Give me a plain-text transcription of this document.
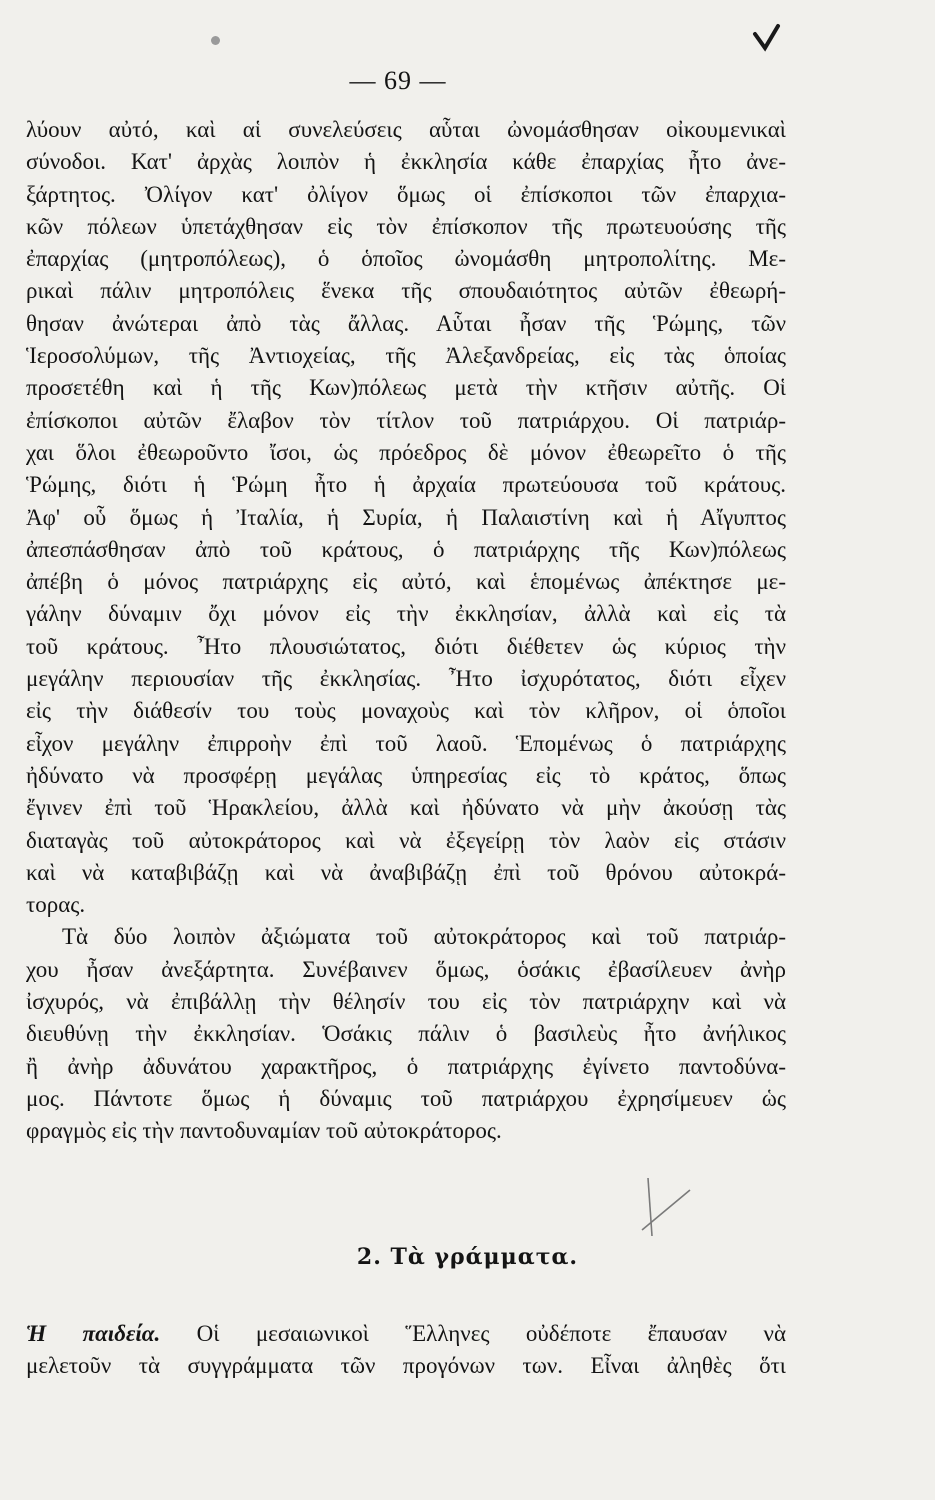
— 69 —
λύουν αὐτό, καὶ αἱ συνελεύσεις αὗται ὠνομάσθησαν οἰκουμενικαὶ
σύνοδοι. Κατ' ἀρχὰς λοιπὸν ἡ ἐκκλησία κάθε ἐπαρχίας ἦτο ἀνε-
ξάρτητος. Ὀλίγον κατ' ὀλίγον ὅμως οἱ ἐπίσκοποι τῶν ἐπαρχια-
κῶν πόλεων ὑπετάχθησαν εἰς τὸν ἐπίσκοπον τῆς πρωτευούσης τῆς
ἐπαρχίας (μητροπόλεως), ὁ ὁποῖος ὠνομάσθη μητροπολίτης. Με-
ρικαὶ πάλιν μητροπόλεις ἕνεκα τῆς σπουδαιότητος αὐτῶν ἐθεωρή-
θησαν ἀνώτεραι ἀπὸ τὰς ἄλλας. Αὗται ἦσαν τῆς Ῥώμης, τῶν
Ἱεροσολύμων, τῆς Ἀντιοχείας, τῆς Ἀλεξανδρείας, εἰς τὰς ὁποίας
προσετέθη καὶ ἡ τῆς Κων)πόλεως μετὰ τὴν κτῆσιν αὐτῆς. Οἱ
ἐπίσκοποι αὐτῶν ἔλαβον τὸν τίτλον τοῦ πατριάρχου. Οἱ πατριάρ-
χαι ὅλοι ἐθεωροῦντο ἴσοι, ὡς πρόεδρος δὲ μόνον ἐθεωρεῖτο ὁ τῆς
Ῥώμης, διότι ἡ Ῥώμη ἦτο ἡ ἀρχαία πρωτεύουσα τοῦ κράτους.
Ἀφ' οὗ ὅμως ἡ Ἰταλία, ἡ Συρία, ἡ Παλαιστίνη καὶ ἡ Αἴγυπτος
ἀπεσπάσθησαν ἀπὸ τοῦ κράτους, ὁ πατριάρχης τῆς Κων)πόλεως
ἀπέβη ὁ μόνος πατριάρχης εἰς αὐτό, καὶ ἑπομένως ἀπέκτησε με-
γάλην δύναμιν ὄχι μόνον εἰς τὴν ἐκκλησίαν, ἀλλὰ καὶ εἰς τὰ
τοῦ κράτους. Ἦτο πλουσιώτατος, διότι διέθετεν ὡς κύριος τὴν
μεγάλην περιουσίαν τῆς ἐκκλησίας. Ἦτο ἰσχυρότατος, διότι εἶχεν
εἰς τὴν διάθεσίν του τοὺς μοναχοὺς καὶ τὸν κλῆρον, οἱ ὁποῖοι
εἶχον μεγάλην ἐπιρροὴν ἐπὶ τοῦ λαοῦ. Ἑπομένως ὁ πατριάρχης
ἠδύνατο νὰ προσφέρῃ μεγάλας ὑπηρεσίας εἰς τὸ κράτος, ὅπως
ἔγινεν ἐπὶ τοῦ Ἡρακλείου, ἀλλὰ καὶ ἠδύνατο νὰ μὴν ἀκούσῃ τὰς
διαταγὰς τοῦ αὐτοκράτορος καὶ νὰ ἐξεγείρῃ τὸν λαὸν εἰς στάσιν
καὶ νὰ καταβιβάζῃ καὶ νὰ ἀναβιβάζῃ ἐπὶ τοῦ θρόνου αὐτοκρά-
τορας.
Τὰ δύο λοιπὸν ἀξιώματα τοῦ αὐτοκράτορος καὶ τοῦ πατριάρ-
χου ἦσαν ἀνεξάρτητα. Συνέβαινεν ὅμως, ὁσάκις ἐβασίλευεν ἀνὴρ
ἰσχυρός, νὰ ἐπιβάλλῃ τὴν θέλησίν του εἰς τὸν πατριάρχην καὶ νὰ
διευθύνῃ τὴν ἐκκλησίαν. Ὁσάκις πάλιν ὁ βασιλεὺς ἦτο ἀνήλικος
ἢ ἀνὴρ ἀδυνάτου χαρακτῆρος, ὁ πατριάρχης ἐγίνετο παντοδύνα-
μος. Πάντοτε ὅμως ἡ δύναμις τοῦ πατριάρχου ἐχρησίμευεν ὡς
φραγμὸς εἰς τὴν παντοδυναμίαν τοῦ αὐτοκράτορος.
2. Τὰ γράμματα.
Ἡ παιδεία. Οἱ μεσαιωνικοὶ Ἕλληνες οὐδέποτε ἔπαυσαν νὰ
μελετοῦν τὰ συγγράμματα τῶν προγόνων των. Εἶναι ἀληθὲς ὅτι
